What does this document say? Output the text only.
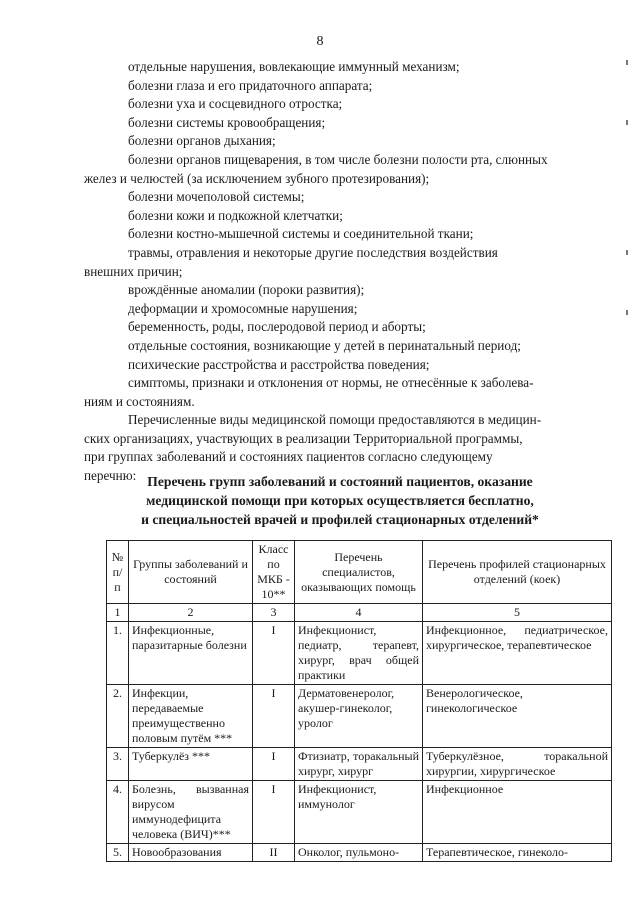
8

отдельные нарушения, вовлекающие иммунный механизм;

болезни глаза и его придаточного аппарата;

болезни уха и сосцевидного отростка;

болезни системы кровообращения;

болезни органов дыхания;

болезни органов пищеварения, в том числе болезни полости рта, слюнных

желез и челюстей (за исключением зубного протезирования);

болезни мочеполовой системы;

болезни кожи и подкожной клетчатки;

болезни костно-мышечной системы и соединительной ткани;

травмы, отравления и некоторые другие последствия воздействия

внешних причин;

врождённые аномалии (пороки развития);

деформации и хромосомные нарушения;

беременность, роды, послеродовой период и аборты;

отдельные состояния, возникающие у детей в перинатальный период;

психические расстройства и расстройства поведения;

симптомы, признаки и отклонения от нормы, не отнесённые к заболева-

ниям и состояниям.

Перечисленные виды медицинской помощи предоставляются в медицин-

ских организациях, участвующих в реализации Территориальной программы,

при группах заболеваний и состояниях пациентов согласно следующему

перечню: Перечень групп заболеваний и состояний пациентов, оказание
медицинской помощи при которых осуществляется бесплатно,
и специальностей врачей и профилей стационарных отделений*
№ п/п	Группы заболеваний и состояний	Класс по МКБ - 10**	Перечень специалистов, оказывающих помощь	Перечень профилей стационарных отделений (коек)
1	2	3	4	5
1.	Инфекционные, паразитарные болезни	I	Инфекционист, педиатр, терапевт, хирург, врач общей практики	Инфекционное, педиатрическое, хирургическое, терапевтическое
2.	Инфекции, передаваемые преимущественно половым путём ***	I	Дерматовенеролог, акушер-гинеколог, уролог	Венерологическое, гинекологическое
3.	Туберкулёз ***	I	Фтизиатр, торакальный хирург, хирург	Туберкулёзное, торакальной хирургии, хирургическое
4.	Болезнь, вызванная вирусом иммунодефицита человека (ВИЧ)***	I	Инфекционист, иммунолог	Инфекционное
5.	Новообразования	II	Онколог, пульмоно-	Терапевтическое, гинеколо-
